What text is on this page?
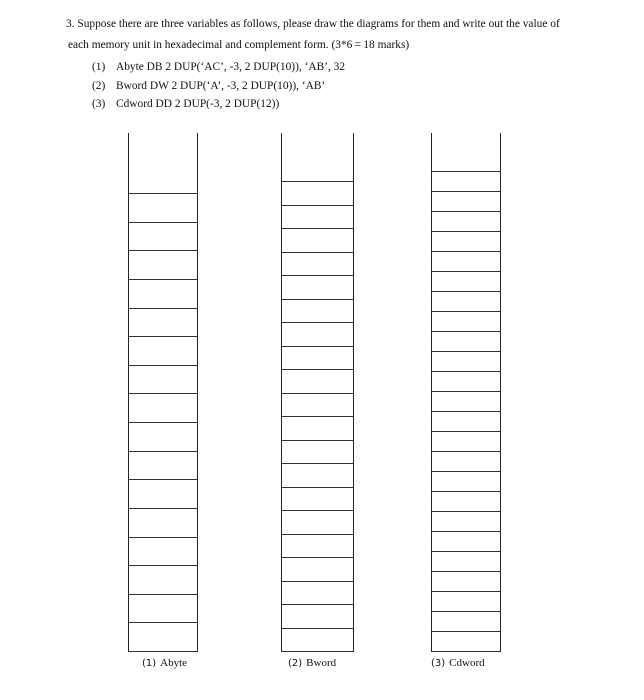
3. Suppose there are three variables as follows, please draw the diagrams for them and write out the value of
each memory unit in hexadecimal and complement form. (3*6 = 18 marks)
(1) Abyte DB 2 DUP(‘AC’, -3, 2 DUP(10)), ‘AB’, 32
(2) Bword DW 2 DUP(‘A’, -3, 2 DUP(10)), ‘AB’
(3) Cdword DD 2 DUP(-3, 2 DUP(12))
(1) Abyte	(2) Bword	(3) Cdword
